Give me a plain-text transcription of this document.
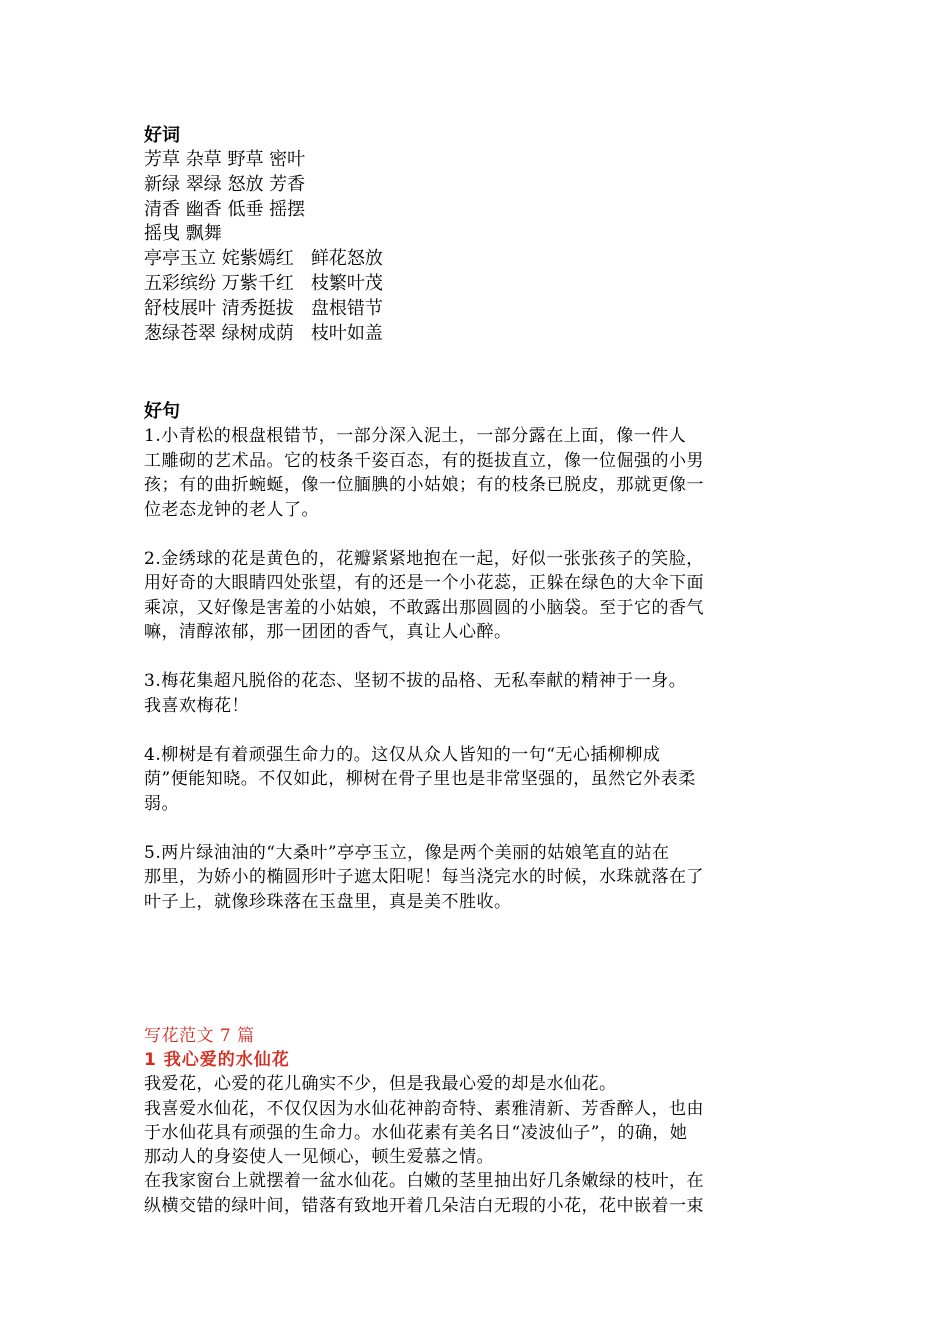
好词

芳草 杂草 野草 密叶

新绿 翠绿 怒放 芳香

清香 幽香 低垂 摇摆

摇曳 飘舞

亭亭玉立 姹紫嫣红   鲜花怒放

五彩缤纷 万紫千红   枝繁叶茂

舒枝展叶 清秀挺拔   盘根错节

葱绿苍翠 绿树成荫   枝叶如盖

好句

1.小青松的根盘根错节，一部分深入泥土，一部分露在上面，像一件人
工雕砌的艺术品。它的枝条千姿百态，有的挺拔直立，像一位倔强的小男
孩；有的曲折蜿蜒，像一位腼腆的小姑娘；有的枝条已脱皮，那就更像一
位老态龙钟的老人了。
2.金绣球的花是黄色的，花瓣紧紧地抱在一起，好似一张张孩子的笑脸，
用好奇的大眼睛四处张望，有的还是一个小花蕊，正躲在绿色的大伞下面
乘凉，又好像是害羞的小姑娘，不敢露出那圆圆的小脑袋。至于它的香气
嘛，清醇浓郁，那一团团的香气，真让人心醉。
3.梅花集超凡脱俗的花态、坚韧不拔的品格、无私奉献的精神于一身。
我喜欢梅花！
4.柳树是有着顽强生命力的。这仅从众人皆知的一句“无心插柳柳成
荫”便能知晓。不仅如此，柳树在骨子里也是非常坚强的，虽然它外表柔
弱。
5.两片绿油油的“大桑叶”亭亭玉立，像是两个美丽的姑娘笔直的站在
那里，为娇小的椭圆形叶子遮太阳呢！每当浇完水的时候，水珠就落在了
叶子上，就像珍珠落在玉盘里，真是美不胜收。

写花范文 7 篇

1 我心爱的水仙花

我爱花，心爱的花儿确实不少，但是我最心爱的却是水仙花。

我喜爱水仙花，不仅仅因为水仙花神韵奇特、素雅清新、芳香醉人，也由

于水仙花具有顽强的生命力。水仙花素有美名日“凌波仙子”，的确，她

那动人的身姿使人一见倾心，顿生爱慕之情。

在我家窗台上就摆着一盆水仙花。白嫩的茎里抽出好几条嫩绿的枝叶，在

纵横交错的绿叶间，错落有致地开着几朵洁白无瑕的小花，花中嵌着一束
